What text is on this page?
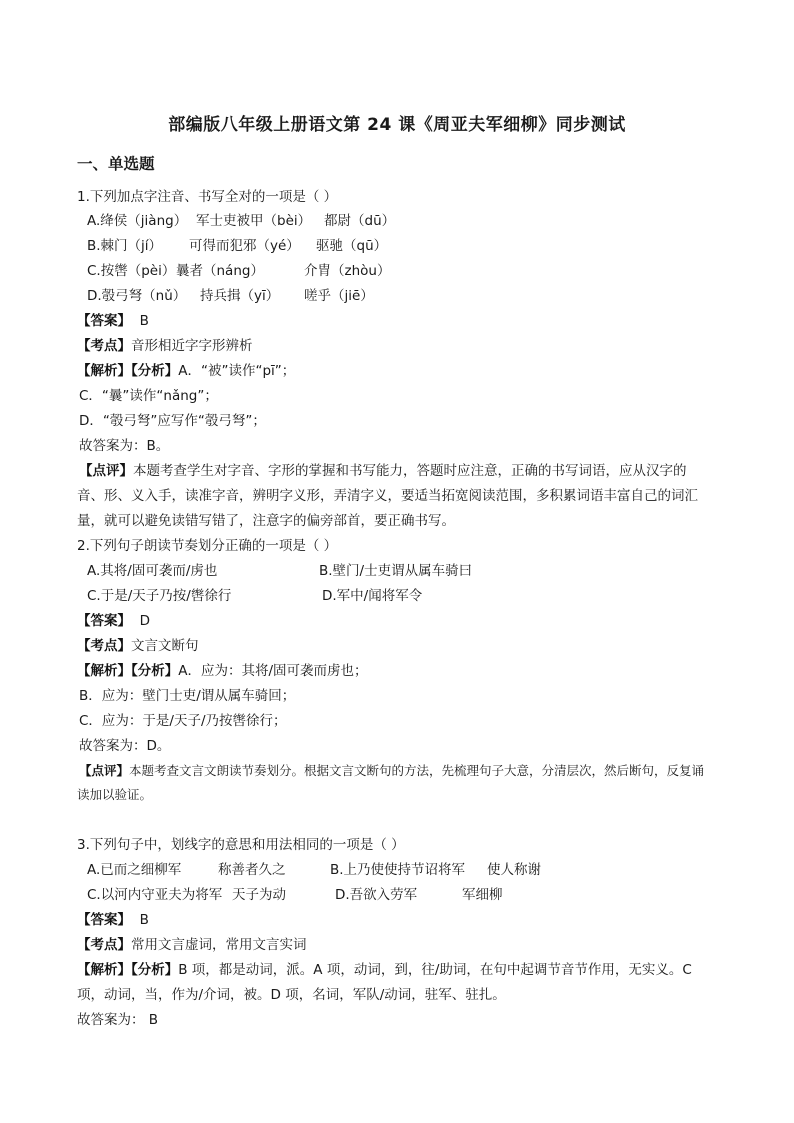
部编版八年级上册语文第 24 课《周亚夫军细柳》同步测试
一、单选题
1.下列加点字注音、书写全对的一项是（ ）
A.绛侯（jiàng） 军士吏被甲（bèi） 都尉（dū）
B.棘门（jí） 可得而犯邪（yé） 驱驰（qū）
C.按辔（pèi）曩者（náng）	介胄（zhòu）
D.彀弓弩（nǔ） 持兵揖（yī） 嗟乎（jiē）
【答案】 B
【考点】音形相近字字形辨析
【解析】【分析】A．“被”读作“pī”；
C．“曩”读作“nǎng”；
D．“彀弓弩”应写作“彀弓弩”；
故答案为：B。
【点评】本题考查学生对字音、字形的掌握和书写能力，答题时应注意，正确的书写词语，应从汉字的
音、形、义入手，读准字音，辨明字义形，弄清字义，要适当拓宽阅读范围，多积累词语丰富自己的词汇
量，就可以避免读错写错了，注意字的偏旁部首，要正确书写。
2.下列句子朗读节奏划分正确的一项是（ ）
A.其将/固可袭而/虏也	B.壁门/士吏谓从属车骑曰
C.于是/天子乃按/辔徐行	D.军中/闻将军令
【答案】 D
【考点】文言文断句
【解析】【分析】A．应为：其将/固可袭而虏也；
B．应为：壁门士吏/谓从属车骑回；
C．应为：于是/天子/乃按辔徐行；
故答案为：D。
【点评】本题考查文言文朗读节奏划分。根据文言文断句的方法，先梳理句子大意，分清层次，然后断句，反复诵
读加以验证。
3.下列句子中，划线字的意思和用法相同的一项是（ ）
A.已而之细柳军	称善者久之	B.上乃使使持节诏将军 使人称谢
C.以河内守亚夫为将军 天子为动	D.吾欲入劳军	军细柳
【答案】 B
【考点】常用文言虚词，常用文言实词
【解析】【分析】B 项，都是动词，派。A 项，动词，到，往/助词，在句中起调节音节作用，无实义。C
项，动词，当，作为/介词，被。D 项，名词，军队/动词，驻军、驻扎。
故答案为： B
